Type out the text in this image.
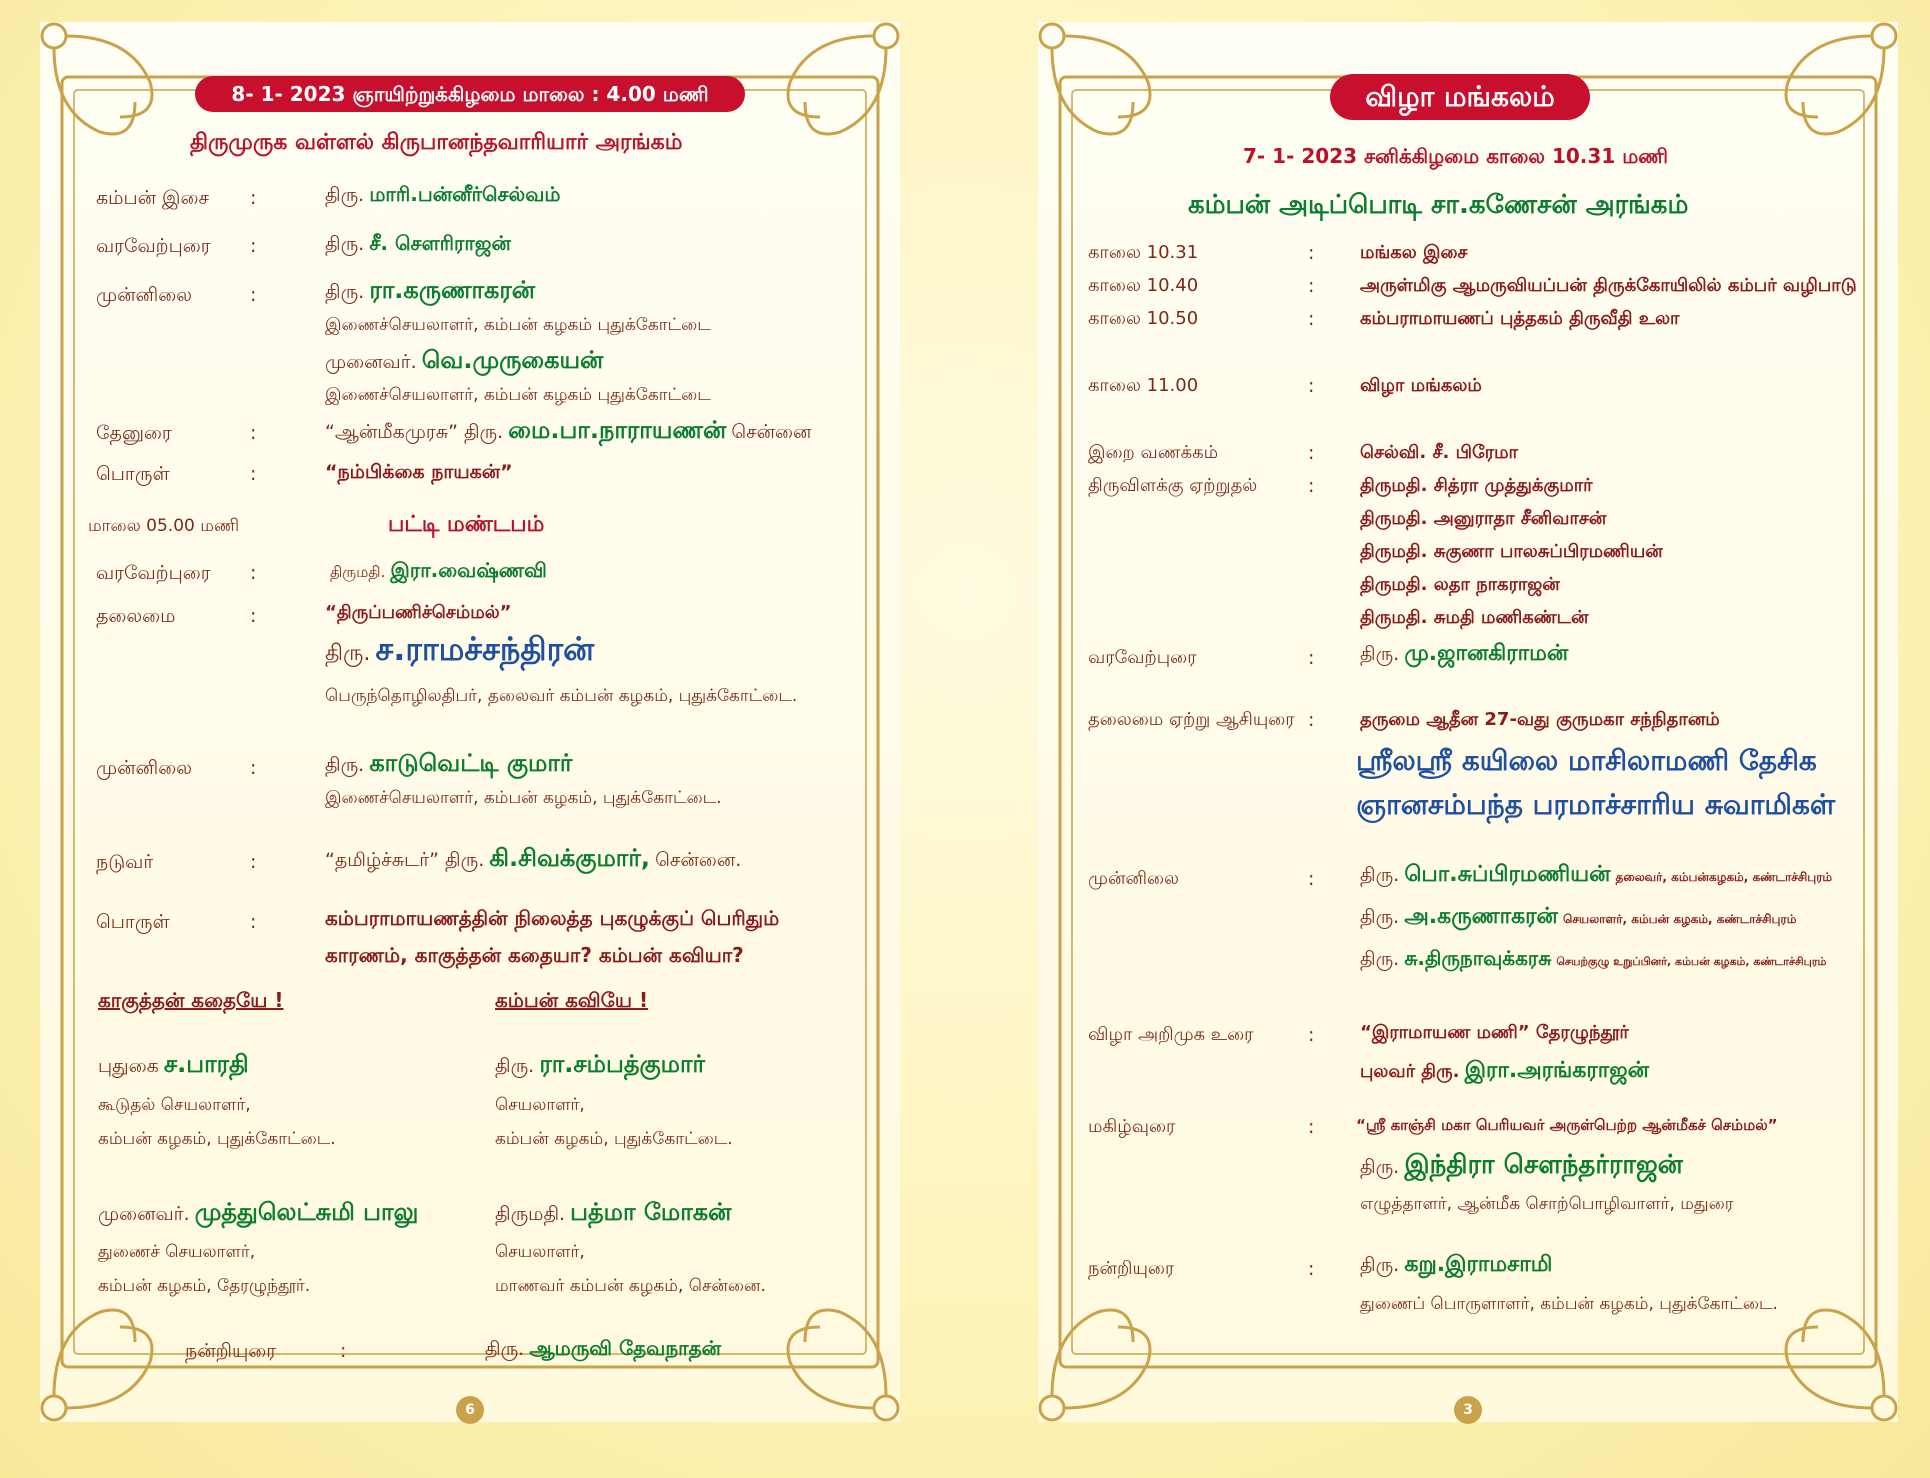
8- 1- 2023 ஞாயிற்றுக்கிழமை மாலை : 4.00 மணி
திருமுருக வள்ளல் கிருபானந்தவாரியார் அரங்கம்
கம்பன் இசை :	திரு. மாரி.பன்னீர்செல்வம்
வரவேற்புரை :	திரு. சீ. சௌரிராஜன்
முன்னிலை	:	திரு. ரா.கருணாகரன்
இணைச்செயலாளர், கம்பன் கழகம் புதுக்கோட்டை
முனைவர். வெ.முருகையன்
இணைச்செயலாளர், கம்பன் கழகம் புதுக்கோட்டை
தேனுரை	:	“ஆன்மீகமுரசு” திரு. மை.பா.நாராயணன் சென்னை
பொருள்	:	“நம்பிக்கை நாயகன்”
மாலை 05.00 மணி	பட்டி மண்டபம்
வரவேற்புரை :	திருமதி. இரா.வைஷ்ணவி
தலைமை	:	“திருப்பணிச்செம்மல்”
திரு. ச.ராமச்சந்திரன்
பெருந்தொழிலதிபர், தலைவர் கம்பன் கழகம், புதுக்கோட்டை.
முன்னிலை	:	திரு. காடுவெட்டி குமார்
இணைச்செயலாளர், கம்பன் கழகம், புதுக்கோட்டை.
நடுவர்	:	“தமிழ்ச்சுடர்” திரு. கி.சிவக்குமார், சென்னை.
பொருள்	:	கம்பராமாயணத்தின் நிலைத்த புகழுக்குப் பெரிதும்
காரணம், காகுத்தன் கதையா? கம்பன் கவியா?
காகுத்தன் கதையே !
புதுகை ச.பாரதி
கூடுதல் செயலாளர்,
கம்பன் கழகம், புதுக்கோட்டை.
முனைவர். முத்துலெட்சுமி பாலு
துணைச் செயலாளர்,
கம்பன் கழகம், தேரழுந்தூர்.
கம்பன் கவியே !
திரு. ரா.சம்பத்குமார்
செயலாளர்,
கம்பன் கழகம், புதுக்கோட்டை.
திருமதி. பத்மா மோகன்
செயலாளர்,
மாணவர் கம்பன் கழகம், சென்னை.
நன்றியுரை	:	திரு. ஆமருவி தேவநாதன்
6
விழா மங்கலம்
7- 1- 2023 சனிக்கிழமை காலை 10.31 மணி
கம்பன் அடிப்பொடி சா.கணேசன் அரங்கம்
காலை 10.31	:	மங்கல இசை
காலை 10.40	:	அருள்மிகு ஆமருவியப்பன் திருக்கோயிலில் கம்பர் வழிபாடு
காலை 10.50	:	கம்பராமாயணப் புத்தகம் திருவீதி உலா
காலை 11.00	:	விழா மங்கலம்
இறை வணக்கம்	:	செல்வி. சீ. பிரேமா
திருவிளக்கு ஏற்றுதல்	:	திருமதி. சித்ரா முத்துக்குமார்
திருமதி. அனுராதா சீனிவாசன்
திருமதி. சுகுணா பாலசுப்பிரமணியன்
திருமதி. லதா நாகராஜன்
திருமதி. சுமதி மணிகண்டன்
வரவேற்புரை	: திரு. மு.ஜானகிராமன்
தலைமை ஏற்று ஆசியுரை :	தருமை ஆதீன 27-வது குருமகா சந்நிதானம்
ஸ்ரீலஸ்ரீ கயிலை மாசிலாமணி தேசிக
ஞானசம்பந்த பரமாச்சாரிய சுவாமிகள்
முன்னிலை	: திரு. பொ.சுப்பிரமணியன் தலைவர், கம்பன்கழகம், கண்டாச்சிபுரம்
திரு. அ.கருணாகரன் செயலாளர், கம்பன் கழகம், கண்டாச்சிபுரம்
திரு. சு.திருநாவுக்கரசு செயற்குழு உறுப்பினர், கம்பன் கழகம், கண்டாச்சிபுரம்
விழா அறிமுக உரை	:	“இராமாயண மணி” தேரழுந்தூர்
புலவர் திரு. இரா.அரங்கராஜன்
மகிழ்வுரை	:	“ஸ்ரீ காஞ்சி மகா பெரியவர் அருள்பெற்ற ஆன்மீகச் செம்மல்”
திரு. இந்திரா சௌந்தர்ராஜன்
எழுத்தாளர், ஆன்மீக சொற்பொழிவாளர், மதுரை
நன்றியுரை	: திரு. கறு.இராமசாமி
துணைப் பொருளாளர், கம்பன் கழகம், புதுக்கோட்டை.
3
